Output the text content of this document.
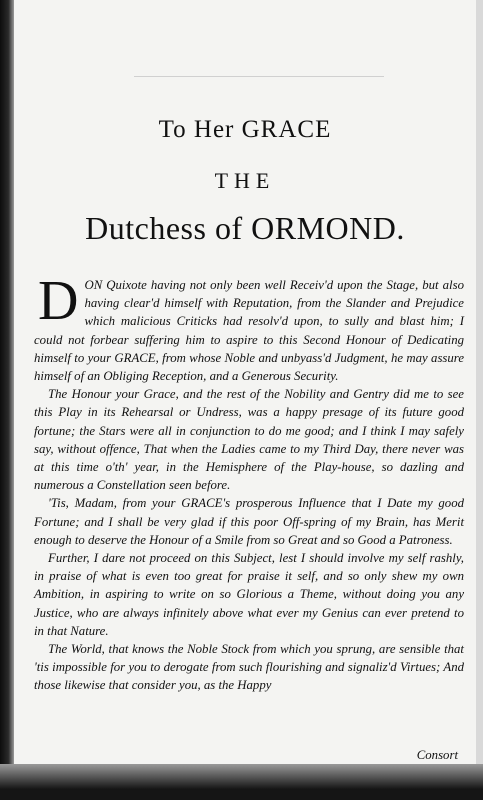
To Her GRACE
THE
Dutchess of ORMOND.

DON Quixote having not only been well Receiv'd upon the Stage, but also having clear'd himself with Reputation, from the Slander and Prejudice which malicious Criticks had resolv'd upon, to sully and blast him; I could not forbear suffering him to aspire to this Second Honour of Dedicating himself to your GRACE, from whose Noble and unbyass'd Judgment, he may assure himself of an Obliging Reception, and a Generous Security.

The Honour your Grace, and the rest of the Nobility and Gentry did me to see this Play in its Rehearsal or Undress, was a happy presage of its future good fortune; the Stars were all in conjunction to do me good; and I think I may safely say, without offence, That when the Ladies came to my Third Day, there never was at this time o'th' year, in the Hemisphere of the Play-house, so dazling and numerous a Constellation seen before.

'Tis, Madam, from your GRACE's prosperous Influence that I Date my good Fortune; and I shall be very glad if this poor Off-spring of my Brain, has Merit enough to deserve the Honour of a Smile from so Great and so Good a Patroness.

Further, I dare not proceed on this Subject, lest I should involve my self rashly, in praise of what is even too great for praise it self, and so only shew my own Ambition, in aspiring to write on so Glorious a Theme, without doing you any Justice, who are always infinitely above what ever my Genius can ever pretend to in that Nature.

The World, that knows the Noble Stock from which you sprung, are sensible that 'tis impossible for you to derogate from such flourishing and signaliz'd Virtues; And those likewise that consider you, as the Happy

Consort
